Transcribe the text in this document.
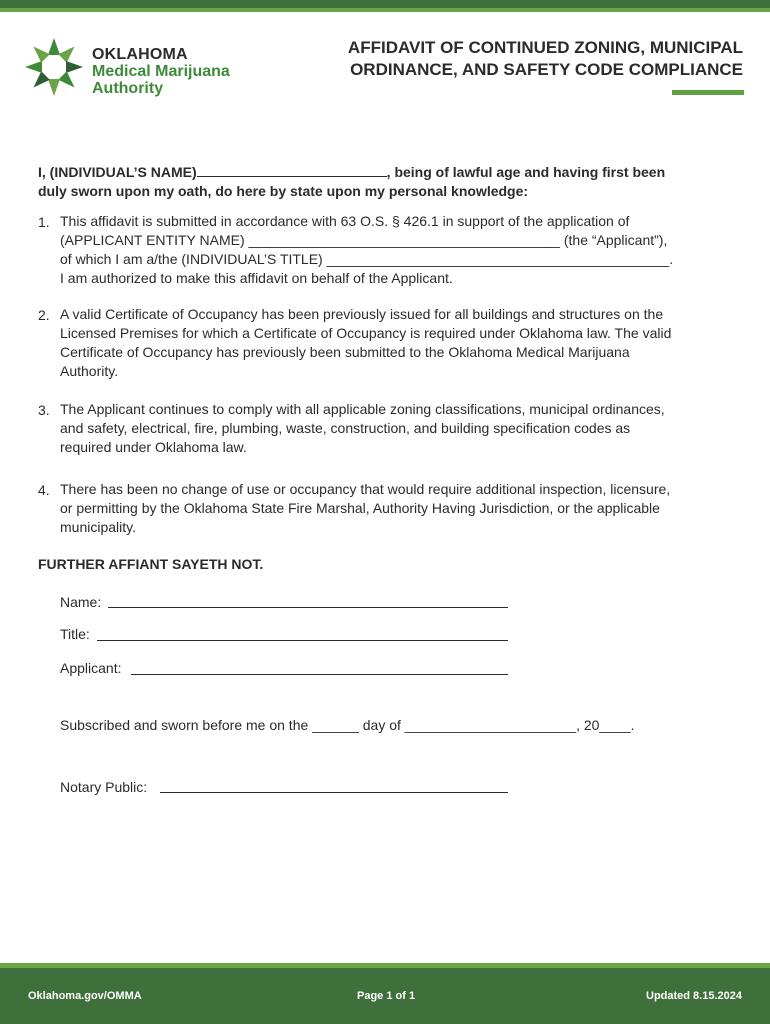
OKLAHOMA
Medical Marijuana
Authority
AFFIDAVIT OF CONTINUED ZONING, MUNICIPAL
ORDINANCE, AND SAFETY CODE COMPLIANCE
I, (INDIVIDUAL’S NAME)	, being of lawful age and having first been
duly sworn upon my oath, do here by state upon my personal knowledge:
1. This affidavit is submitted in accordance with 63 O.S. § 426.1 in support of the application of
(APPLICANT ENTITY NAME) ________________________________________ (the “Applicant”),
of which I am a/the (INDIVIDUAL’S TITLE) ____________________________________________.
I am authorized to make this affidavit on behalf of the Applicant.
2. A valid Certificate of Occupancy has been previously issued for all buildings and structures on the
Licensed Premises for which a Certificate of Occupancy is required under Oklahoma law. The valid
Certificate of Occupancy has previously been submitted to the Oklahoma Medical Marijuana
Authority.
3. The Applicant continues to comply with all applicable zoning classifications, municipal ordinances,
and safety, electrical, fire, plumbing, waste, construction, and building specification codes as
required under Oklahoma law.
4. There has been no change of use or occupancy that would require additional inspection, licensure,
or permitting by the Oklahoma State Fire Marshal, Authority Having Jurisdiction, or the applicable
municipality.
FURTHER AFFIANT SAYETH NOT.
Name:
Title:
Applicant:
Subscribed and sworn before me on the ______ day of ______________________, 20____.
Notary Public:
Oklahoma.gov/OMMA	Page 1 of 1	Updated 8.15.2024
